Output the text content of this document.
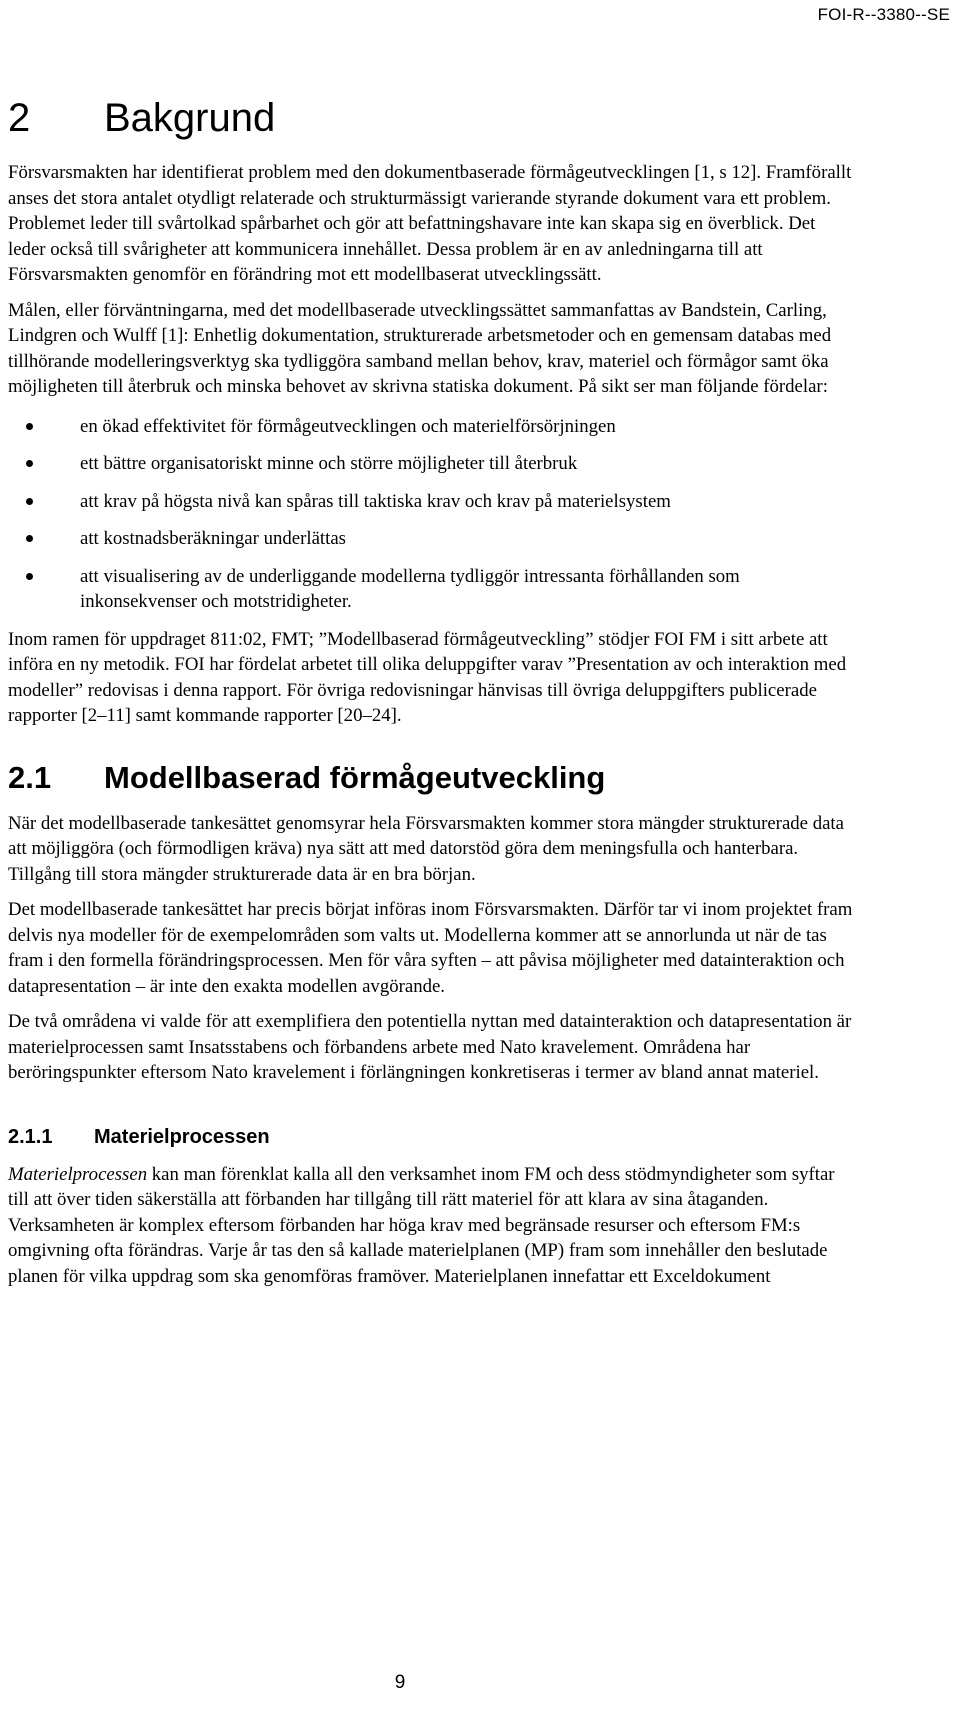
FOI-R--3380--SE
2 Bakgrund

Försvarsmakten har identifierat problem med den dokumentbaserade förmågeutvecklingen [1, s 12]. Framförallt anses det stora antalet otydligt relaterade och strukturmässigt varierande styrande dokument vara ett problem. Problemet leder till svårtolkad spårbarhet och gör att befattningshavare inte kan skapa sig en överblick. Det leder också till svårigheter att kommunicera innehållet. Dessa problem är en av anledningarna till att Försvarsmakten genomför en förändring mot ett modellbaserat utvecklingssätt.

Målen, eller förväntningarna, med det modellbaserade utvecklingssättet sammanfattas av Bandstein, Carling, Lindgren och Wulff [1]: Enhetlig dokumentation, strukturerade arbetsmetoder och en gemensam databas med tillhörande modelleringsverktyg ska tydliggöra samband mellan behov, krav, materiel och förmågor samt öka möjligheten till återbruk och minska behovet av skrivna statiska dokument. På sikt ser man följande fördelar:

en ökad effektivitet för förmågeutvecklingen och materielförsörjningen
ett bättre organisatoriskt minne och större möjligheter till återbruk
att krav på högsta nivå kan spåras till taktiska krav och krav på materielsystem
att kostnadsberäkningar underlättas
att visualisering av de underliggande modellerna tydliggör intressanta förhållanden som inkonsekvenser och motstridigheter.

Inom ramen för uppdraget 811:02, FMT; ”Modellbaserad förmågeutveckling” stödjer FOI FM i sitt arbete att införa en ny metodik. FOI har fördelat arbetet till olika deluppgifter varav ”Presentation av och interaktion med modeller” redovisas i denna rapport. För övriga redovisningar hänvisas till övriga deluppgifters publicerade rapporter [2–11] samt kommande rapporter [20–24].

2.1 Modellbaserad förmågeutveckling

När det modellbaserade tankesättet genomsyrar hela Försvarsmakten kommer stora mängder strukturerade data att möjliggöra (och förmodligen kräva) nya sätt att med datorstöd göra dem meningsfulla och hanterbara. Tillgång till stora mängder strukturerade data är en bra början.

Det modellbaserade tankesättet har precis börjat införas inom Försvarsmakten. Därför tar vi inom projektet fram delvis nya modeller för de exempelområden som valts ut. Modellerna kommer att se annorlunda ut när de tas fram i den formella förändringsprocessen. Men för våra syften – att påvisa möjligheter med datainteraktion och datapresentation – är inte den exakta modellen avgörande.

De två områdena vi valde för att exemplifiera den potentiella nyttan med datainteraktion och datapresentation är materielprocessen samt Insatsstabens och förbandens arbete med Nato kravelement. Områdena har beröringspunkter eftersom Nato kravelement i förlängningen konkretiseras i termer av bland annat materiel.

2.1.1 Materielprocessen

Materielprocessen kan man förenklat kalla all den verksamhet inom FM och dess stödmyndigheter som syftar till att över tiden säkerställa att förbanden har tillgång till rätt materiel för att klara av sina åtaganden. Verksamheten är komplex eftersom förbanden har höga krav med begränsade resurser och eftersom FM:s omgivning ofta förändras. Varje år tas den så kallade materielplanen (MP) fram som innehåller den beslutade planen för vilka uppdrag som ska genomföras framöver. Materielplanen innefattar ett Exceldokument

9
